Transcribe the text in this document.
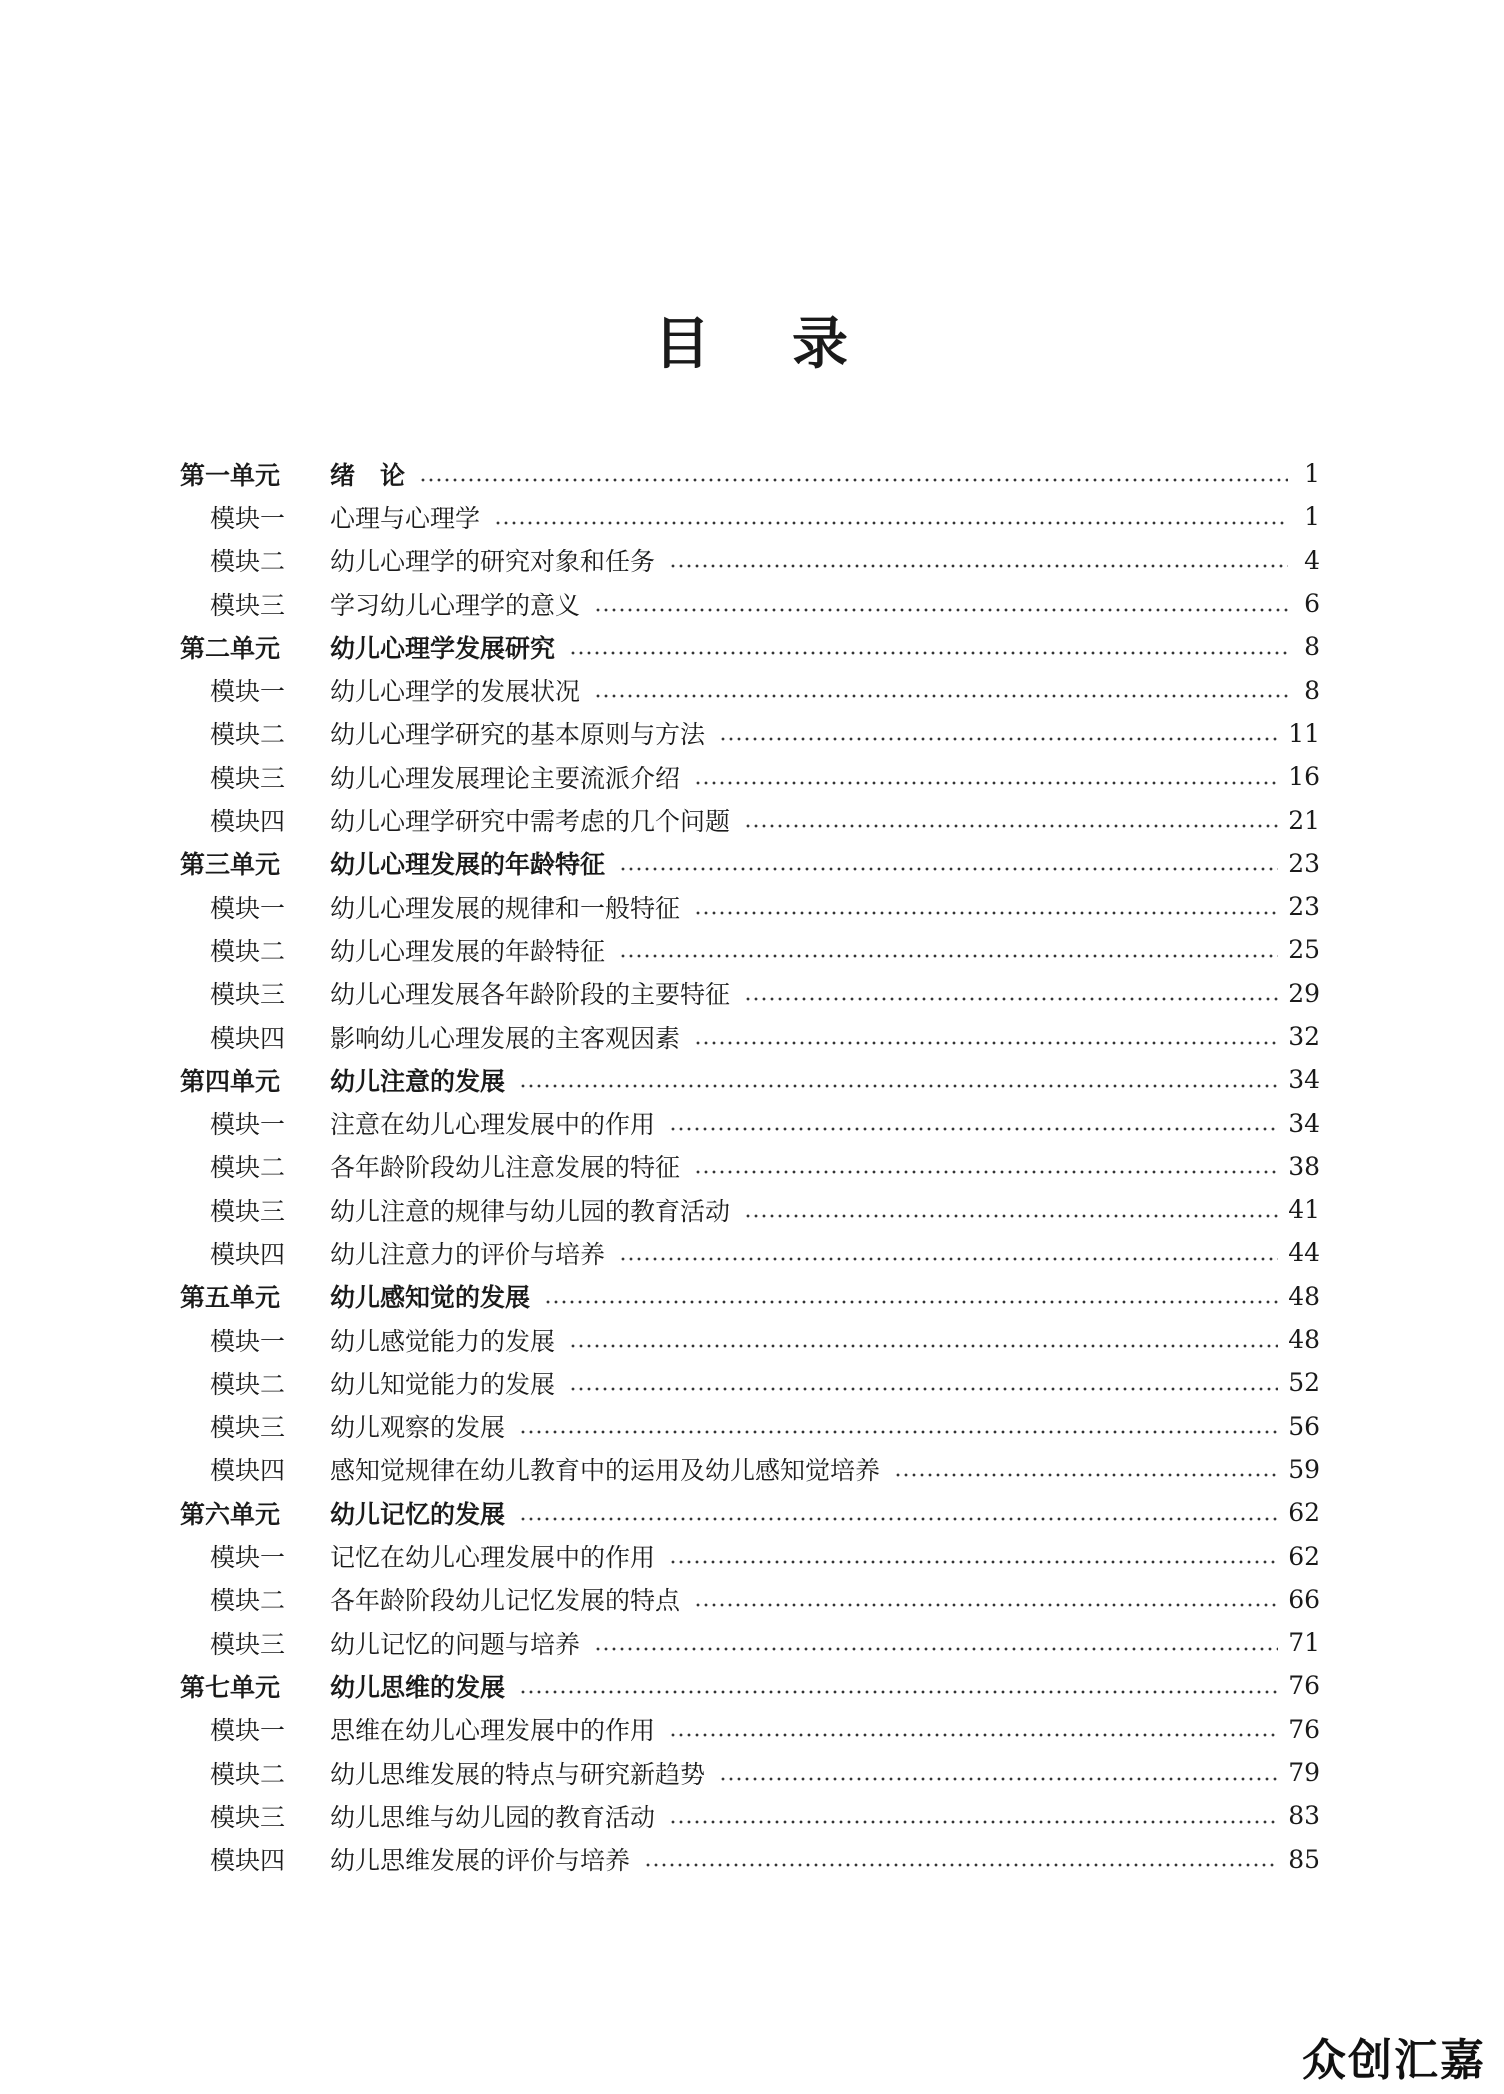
目 录
第一单元	绪　论	1
模块一	心理与心理学	1
模块二	幼儿心理学的研究对象和任务	4
模块三	学习幼儿心理学的意义	6
第二单元	幼儿心理学发展研究	8
模块一	幼儿心理学的发展状况	8
模块二	幼儿心理学研究的基本原则与方法	11
模块三	幼儿心理发展理论主要流派介绍	16
模块四	幼儿心理学研究中需考虑的几个问题	21
第三单元	幼儿心理发展的年龄特征	23
模块一	幼儿心理发展的规律和一般特征	23
模块二	幼儿心理发展的年龄特征	25
模块三	幼儿心理发展各年龄阶段的主要特征	29
模块四	影响幼儿心理发展的主客观因素	32
第四单元	幼儿注意的发展	34
模块一	注意在幼儿心理发展中的作用	34
模块二	各年龄阶段幼儿注意发展的特征	38
模块三	幼儿注意的规律与幼儿园的教育活动	41
模块四	幼儿注意力的评价与培养	44
第五单元	幼儿感知觉的发展	48
模块一	幼儿感觉能力的发展	48
模块二	幼儿知觉能力的发展	52
模块三	幼儿观察的发展	56
模块四	感知觉规律在幼儿教育中的运用及幼儿感知觉培养	59
第六单元	幼儿记忆的发展	62
模块一	记忆在幼儿心理发展中的作用	62
模块二	各年龄阶段幼儿记忆发展的特点	66
模块三	幼儿记忆的问题与培养	71
第七单元	幼儿思维的发展	76
模块一	思维在幼儿心理发展中的作用	76
模块二	幼儿思维发展的特点与研究新趋势	79
模块三	幼儿思维与幼儿园的教育活动	83
模块四	幼儿思维发展的评价与培养	85
众创汇嘉
